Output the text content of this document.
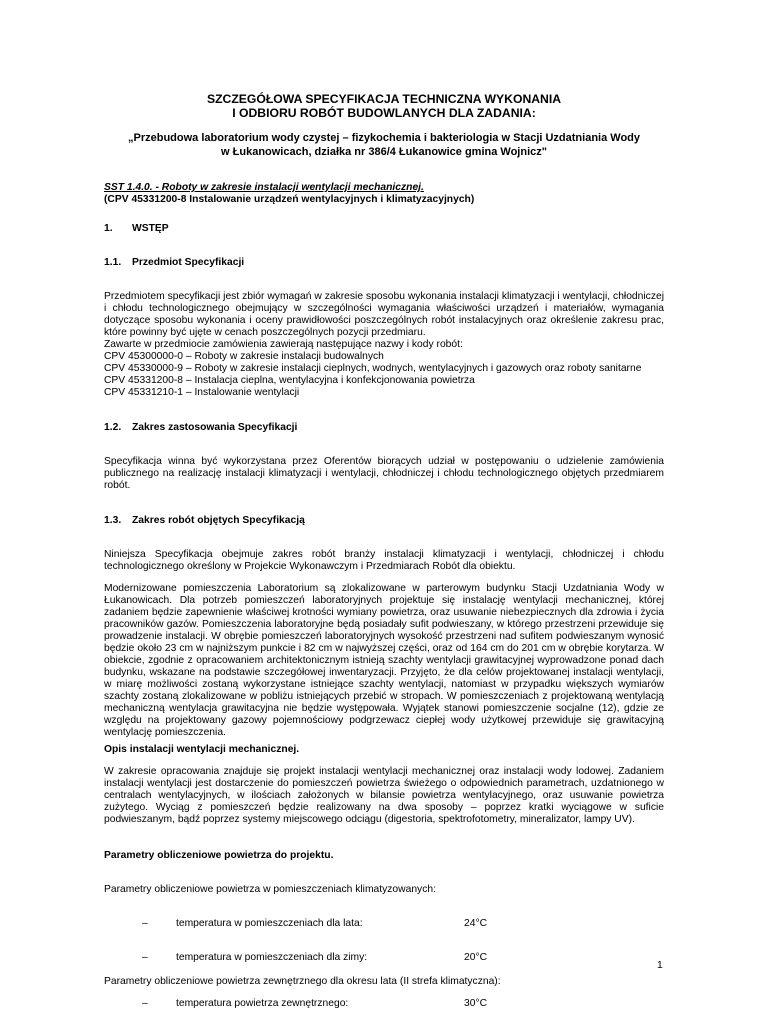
SZCZEGÓŁOWA SPECYFIKACJA TECHNICZNA WYKONANIA
I ODBIORU ROBÓT BUDOWLANYCH DLA ZADANIA:
„Przebudowa laboratorium wody czystej – fizykochemia i bakteriologia w Stacji Uzdatniania Wody
w Łukanowicach, działka nr 386/4 Łukanowice gmina Wojnicz"
SST 1.4.0. - Roboty w zakresie instalacji wentylacji mechanicznej.
(CPV 45331200-8 Instalowanie urządzeń wentylacyjnych i klimatyzacyjnych)
1.	WSTĘP
1.1.	Przedmiot Specyfikacji

Przedmiotem specyfikacji jest zbiór wymagań w zakresie sposobu wykonania instalacji klimatyzacji i wentylacji, chłodniczej i chłodu technologicznego obejmujący w szczególności wymagania właściwości urządzeń i materiałów, wymagania dotyczące sposobu wykonania i oceny prawidłowości poszczególnych robót instalacyjnych oraz określenie zakresu prac, które powinny być ujęte w cenach poszczególnych pozycji przedmiaru.

Zawarte w przedmiocie zamówienia zawierają następujące nazwy i kody robót:
CPV 45300000-0 – Roboty w zakresie instalacji budowalnych
CPV 45330000-9 – Roboty w zakresie instalacji cieplnych, wodnych, wentylacyjnych i gazowych oraz roboty sanitarne
CPV 45331200-8 – Instalacja cieplna, wentylacyjna i konfekcjonowania powietrza
CPV 45331210-1 – Instalowanie wentylacji
1.2.	Zakres zastosowania Specyfikacji

Specyfikacja winna być wykorzystana przez Oferentów biorących udział w postępowaniu o udzielenie zamówienia publicznego na realizację instalacji klimatyzacji i wentylacji, chłodniczej i chłodu technologicznego objętych przedmiarem robót.

1.3.	Zakres robót objętych Specyfikacją

Niniejsza Specyfikacja obejmuje zakres robót branży instalacji klimatyzacji i wentylacji, chłodniczej i chłodu technologicznego określony w Projekcie Wykonawczym i Przedmiarach Robót dla obiektu.

Modernizowane pomieszczenia Laboratorium są zlokalizowane w parterowym budynku Stacji Uzdatniania Wody w Łukanowicach. Dla potrzeb pomieszczeń laboratoryjnych projektuje się instalację wentylacji mechanicznej, której zadaniem będzie zapewnienie właściwej krotności wymiany powietrza, oraz usuwanie niebezpiecznych dla zdrowia i życia pracowników gazów. Pomieszczenia laboratoryjne będą posiadały sufit podwieszany, w którego przestrzeni przewiduje się prowadzenie instalacji. W obrębie pomieszczeń laboratoryjnych wysokość przestrzeni nad sufitem podwieszanym wynosić będzie około 23 cm w najniższym punkcie i 82 cm w najwyższej części, oraz od 164 cm do 201 cm w obrębie korytarza. W obiekcie, zgodnie z opracowaniem architektonicznym istnieją szachty wentylacji grawitacyjnej wyprowadzone ponad dach budynku, wskazane na podstawie szczegółowej inwentaryzacji. Przyjęto, że dla celów projektowanej instalacji wentylacji, w miarę możliwości zostaną wykorzystane istniejące szachty wentylacji, natomiast w przypadku większych wymiarów szachty zostaną zlokalizowane w pobliżu istniejących przebić w stropach. W pomieszczeniach z projektowaną wentylacją mechaniczną wentylacja grawitacyjna nie będzie występowała. Wyjątek stanowi pomieszczenie socjalne (12), gdzie ze względu na projektowany gazowy pojemnościowy podgrzewacz ciepłej wody użytkowej przewiduje się grawitacyjną wentylację pomieszczenia.

Opis instalacji wentylacji mechanicznej.

W zakresie opracowania znajduje się projekt instalacji wentylacji mechanicznej oraz instalacji wody lodowej. Zadaniem instalacji wentylacji jest dostarczenie do pomieszczeń powietrza świeżego o odpowiednich parametrach, uzdatnionego w centralach wentylacyjnych, w ilościach założonych w bilansie powietrza wentylacyjnego, oraz usuwanie powietrza zużytego. Wyciąg z pomieszczeń będzie realizowany na dwa sposoby – poprzez kratki wyciągowe w suficie podwieszanym, bądź poprzez systemy miejscowego odciągu (digestoria, spektrofotometry, mineralizator, lampy UV).

Parametry obliczeniowe powietrza do projektu.
Parametry obliczeniowe powietrza w pomieszczeniach klimatyzowanych:
–	temperatura w pomieszczeniach dla lata:	24°C
–	temperatura w pomieszczeniach dla zimy:	20°C
Parametry obliczeniowe powietrza zewnętrznego dla okresu lata (II strefa klimatyczna):
–	temperatura powietrza zewnętrznego:	30°C
1
